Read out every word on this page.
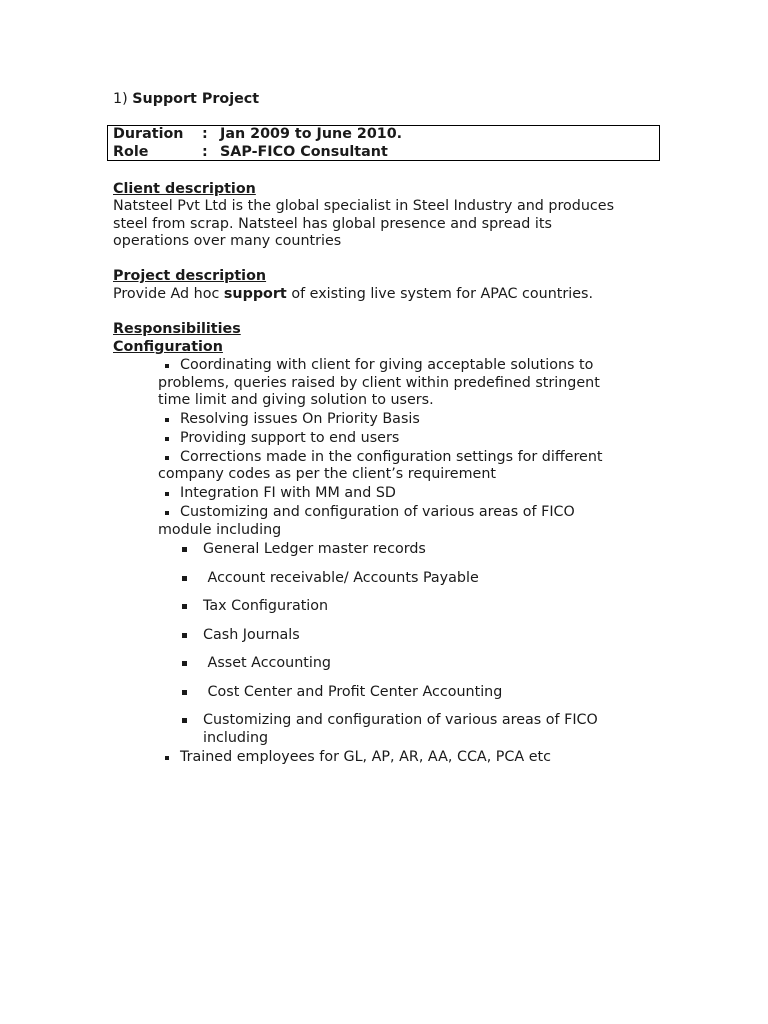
1) Support Project
Duration : Jan 2009 to June 2010.
Role	: SAP-FICO Consultant
Client description
Natsteel Pvt Ltd is the global specialist in Steel Industry and produces
steel from scrap. Natsteel has global presence and spread its
operations over many countries
Project description
Provide Ad hoc support of existing live system for APAC countries.
Responsibilities
Configuration
Coordinating with client for giving acceptable solutions to
problems, queries raised by client within predefined stringent
time limit and giving solution to users.
Resolving issues On Priority Basis
Providing support to end users
Corrections made in the configuration settings for different
company codes as per the client’s requirement
Integration FI with MM and SD
Customizing and configuration of various areas of FICO
module including
General Ledger master records
Account receivable/ Accounts Payable
Tax Configuration
Cash Journals
Asset Accounting
Cost Center and Profit Center Accounting
Customizing and configuration of various areas of FICO
including
Trained employees for GL, AP, AR, AA, CCA, PCA etc
